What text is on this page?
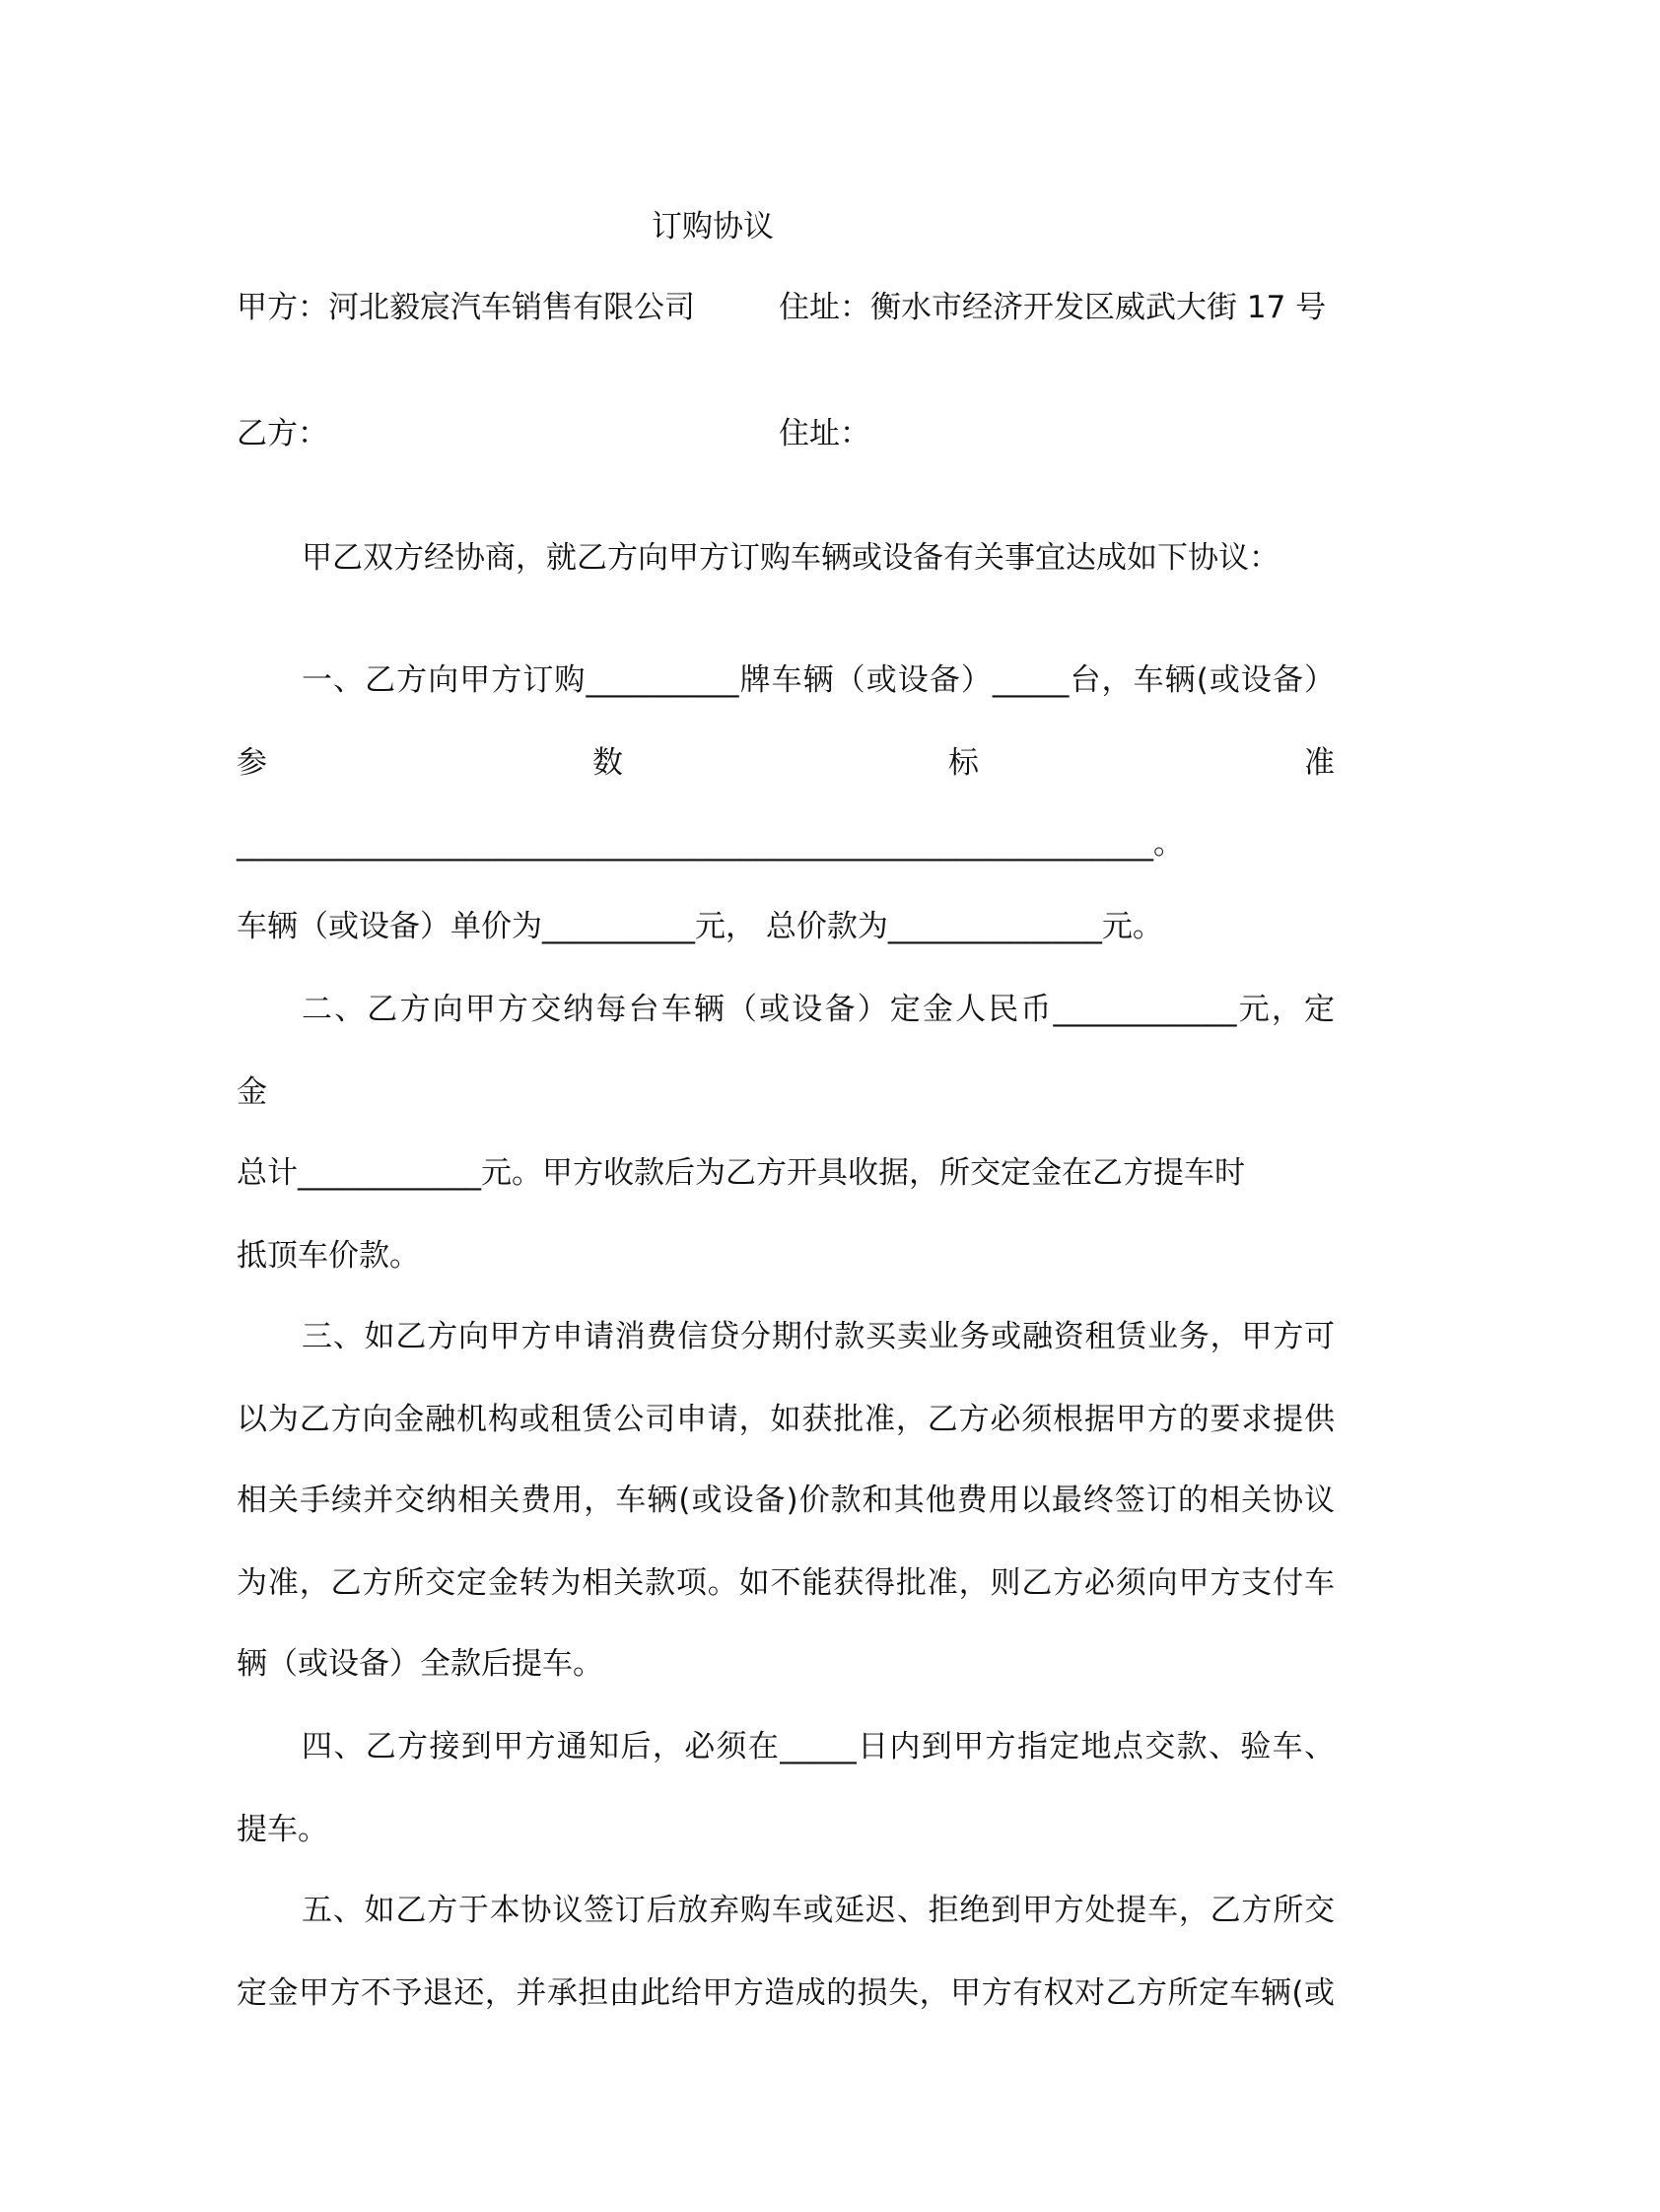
订购协议
甲方：河北毅宸汽车销售有限公司	住址：衡水市经济开发区威武大街 17 号
乙方：	住址：
甲乙双方经协商，就乙方向甲方订购车辆或设备有关事宜达成如下协议：
一、乙方向甲方订购__________牌车辆（或设备）_____台，车辆(或设备）
参数标准
____________________________________________________________。
车辆（或设备）单价为__________元， 总价款为______________元。
二、乙方向甲方交纳每台车辆（或设备）定金人民币____________元，定
金
总计____________元。甲方收款后为乙方开具收据，所交定金在乙方提车时
抵顶车价款。
三、如乙方向甲方申请消费信贷分期付款买卖业务或融资租赁业务，甲方可
以为乙方向金融机构或租赁公司申请，如获批准，乙方必须根据甲方的要求提供
相关手续并交纳相关费用，车辆(或设备)价款和其他费用以最终签订的相关协议
为准，乙方所交定金转为相关款项。如不能获得批准，则乙方必须向甲方支付车
辆（或设备）全款后提车。
四、乙方接到甲方通知后，必须在_____日内到甲方指定地点交款、验车、
提车。
五、如乙方于本协议签订后放弃购车或延迟、拒绝到甲方处提车，乙方所交
定金甲方不予退还，并承担由此给甲方造成的损失，甲方有权对乙方所定车辆(或
